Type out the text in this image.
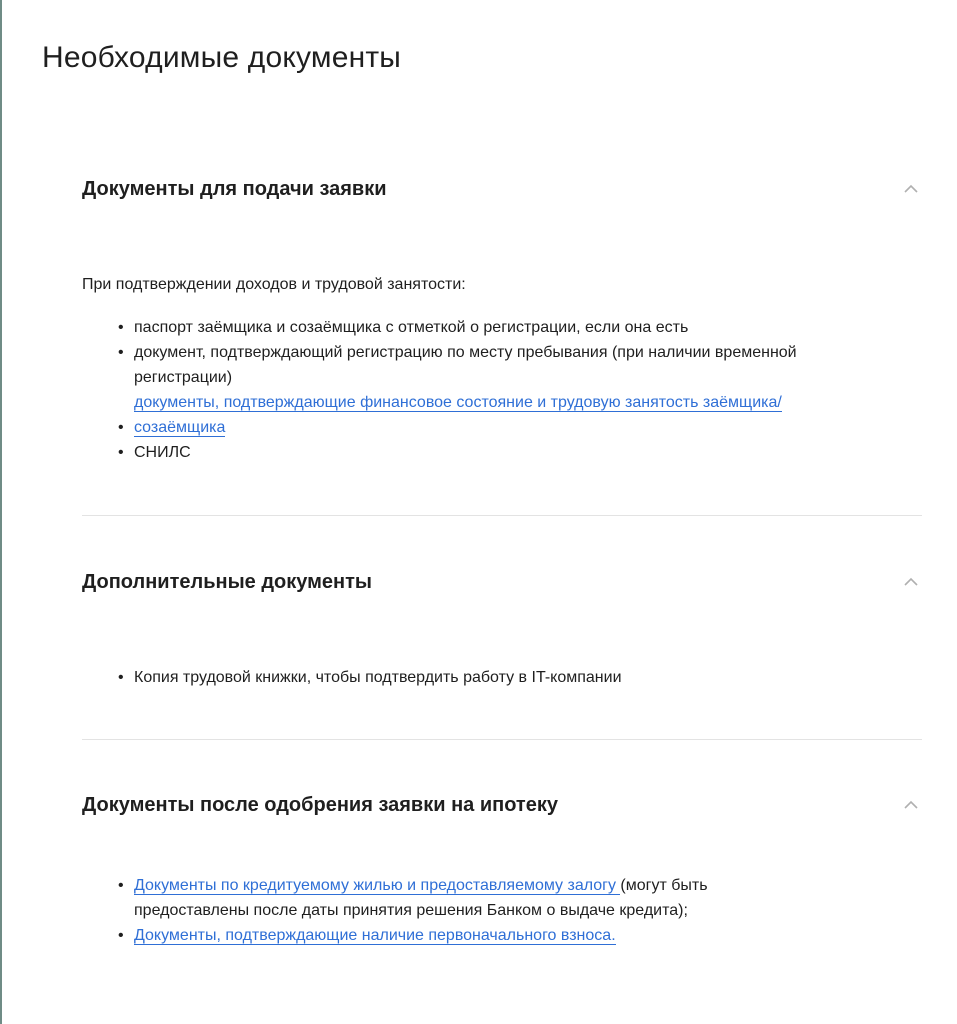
Необходимые документы
Документы для подачи заявки

При подтверждении доходов и трудовой занятости:

• паспорт заёмщика и созаёмщика с отметкой о регистрации, если она есть
• документ, подтверждающий регистрацию по месту пребывания (при наличии временной регистрации)
•
документы, подтверждающие финансовое состояние и трудовую занятость заёмщика/
созаёмщика
• СНИЛС
Дополнительные документы
• Копия трудовой книжки, чтобы подтвердить работу в IT-компании
Документы после одобрения заявки на ипотеку
• Документы по кредитуемому жилью и предоставляемому залогу (могут быть предоставлены после даты принятия решения Банком о выдаче кредита);
• Документы, подтверждающие наличие первоначального взноса.
